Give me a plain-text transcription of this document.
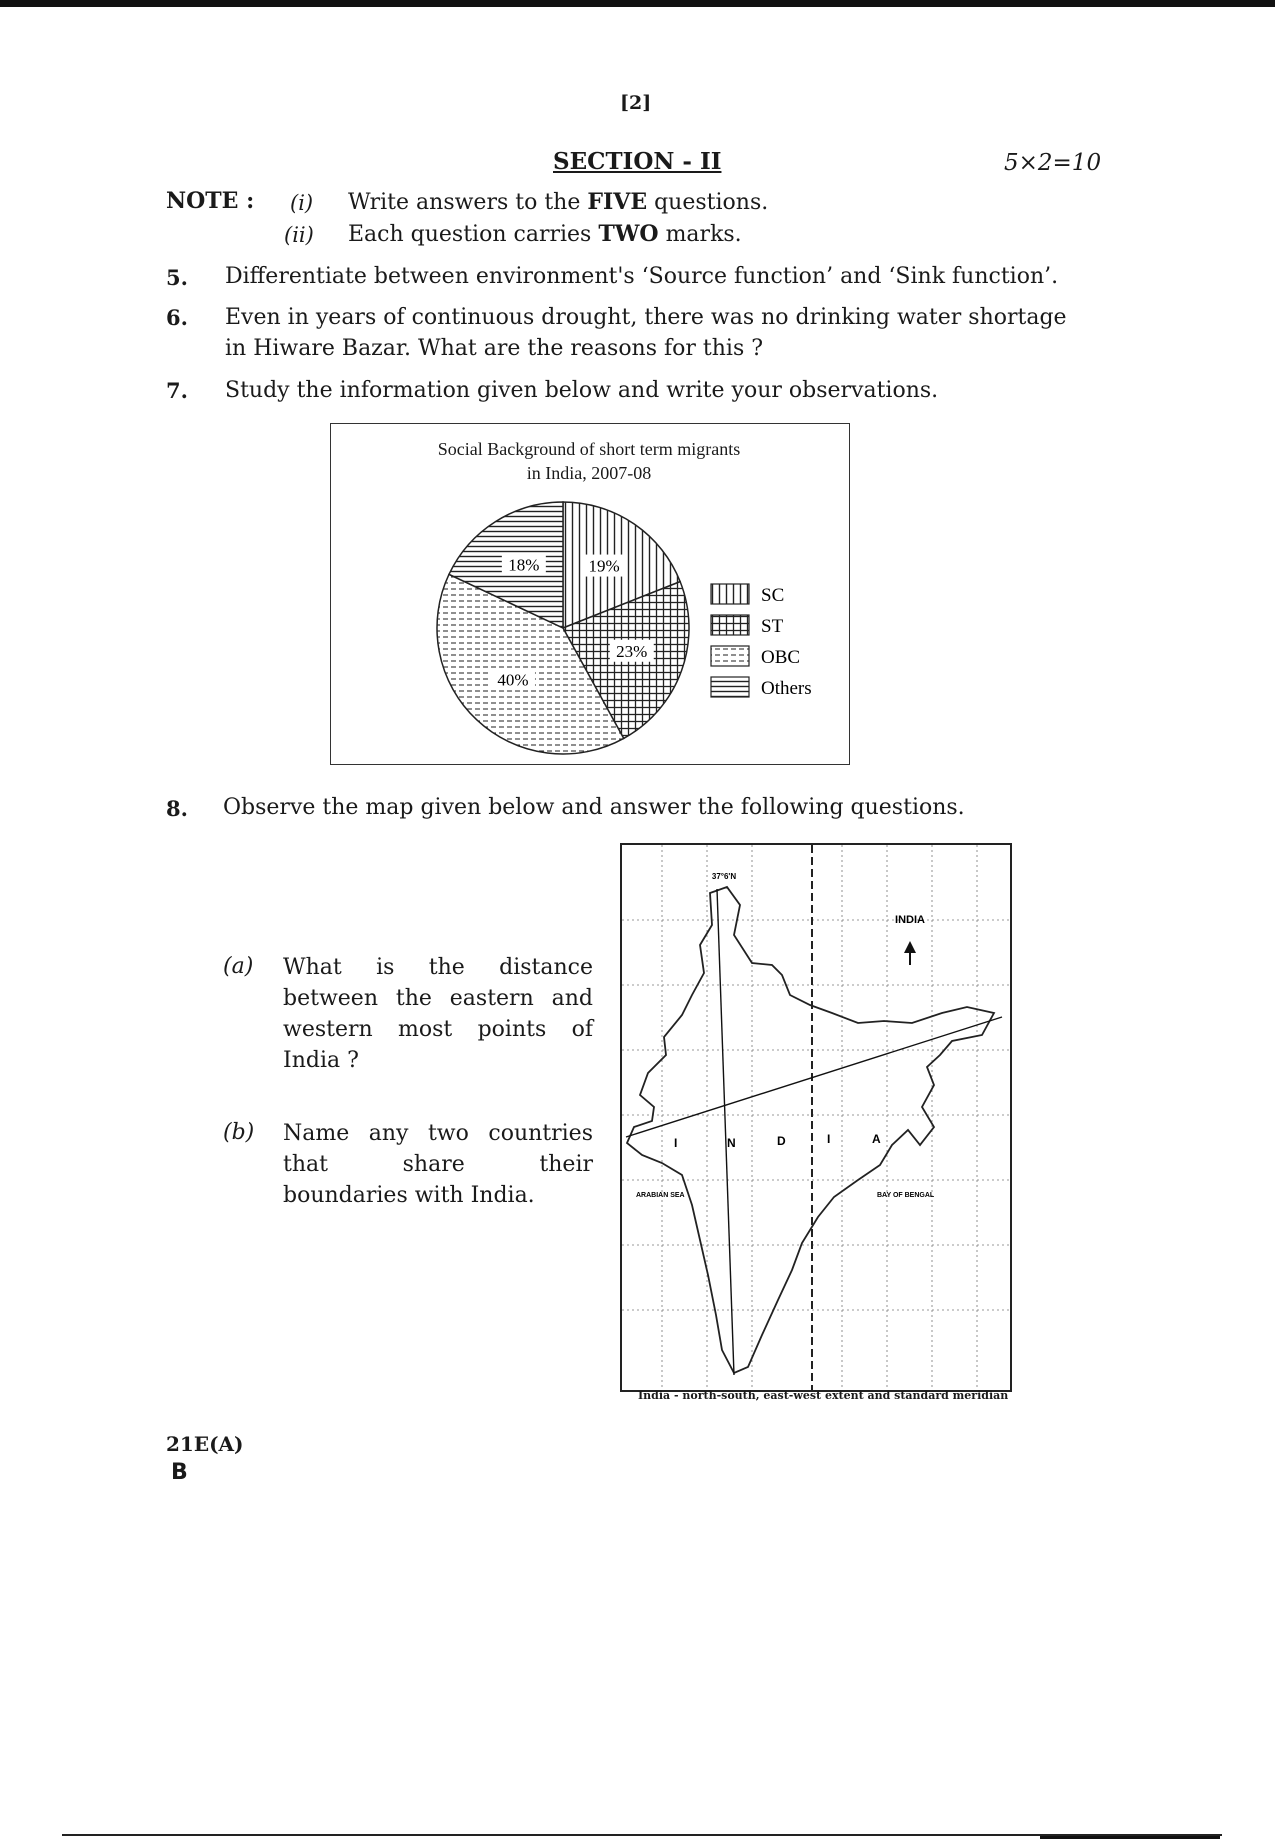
[2]
SECTION - II	5×2=10
NOTE : (i) Write answers to the FIVE questions.
(ii) Each question carries TWO marks.
5. Differentiate between environment's ‘Source function’ and ‘Sink function’.
6. Even in years of continuous drought, there was no drinking water shortage
in Hiware Bazar. What are the reasons for this ?
7. Study the information given below and write your observations.
Social Background of short term migrants
in India, 2007-08
19%
23%
40%
18%
SC
ST
OBC
Others
8. Observe the map given below and answer the following questions.
(a) What is the distance
between the eastern and
western most points of
India ?
(b) Name any two countries
that share their
boundaries with India.
INDIA
37°6'N
I	N	D	I	A
ARABIAN SEA	BAY OF BENGAL
India - north-south, east-west extent and standard meridian
21E(A)
B
